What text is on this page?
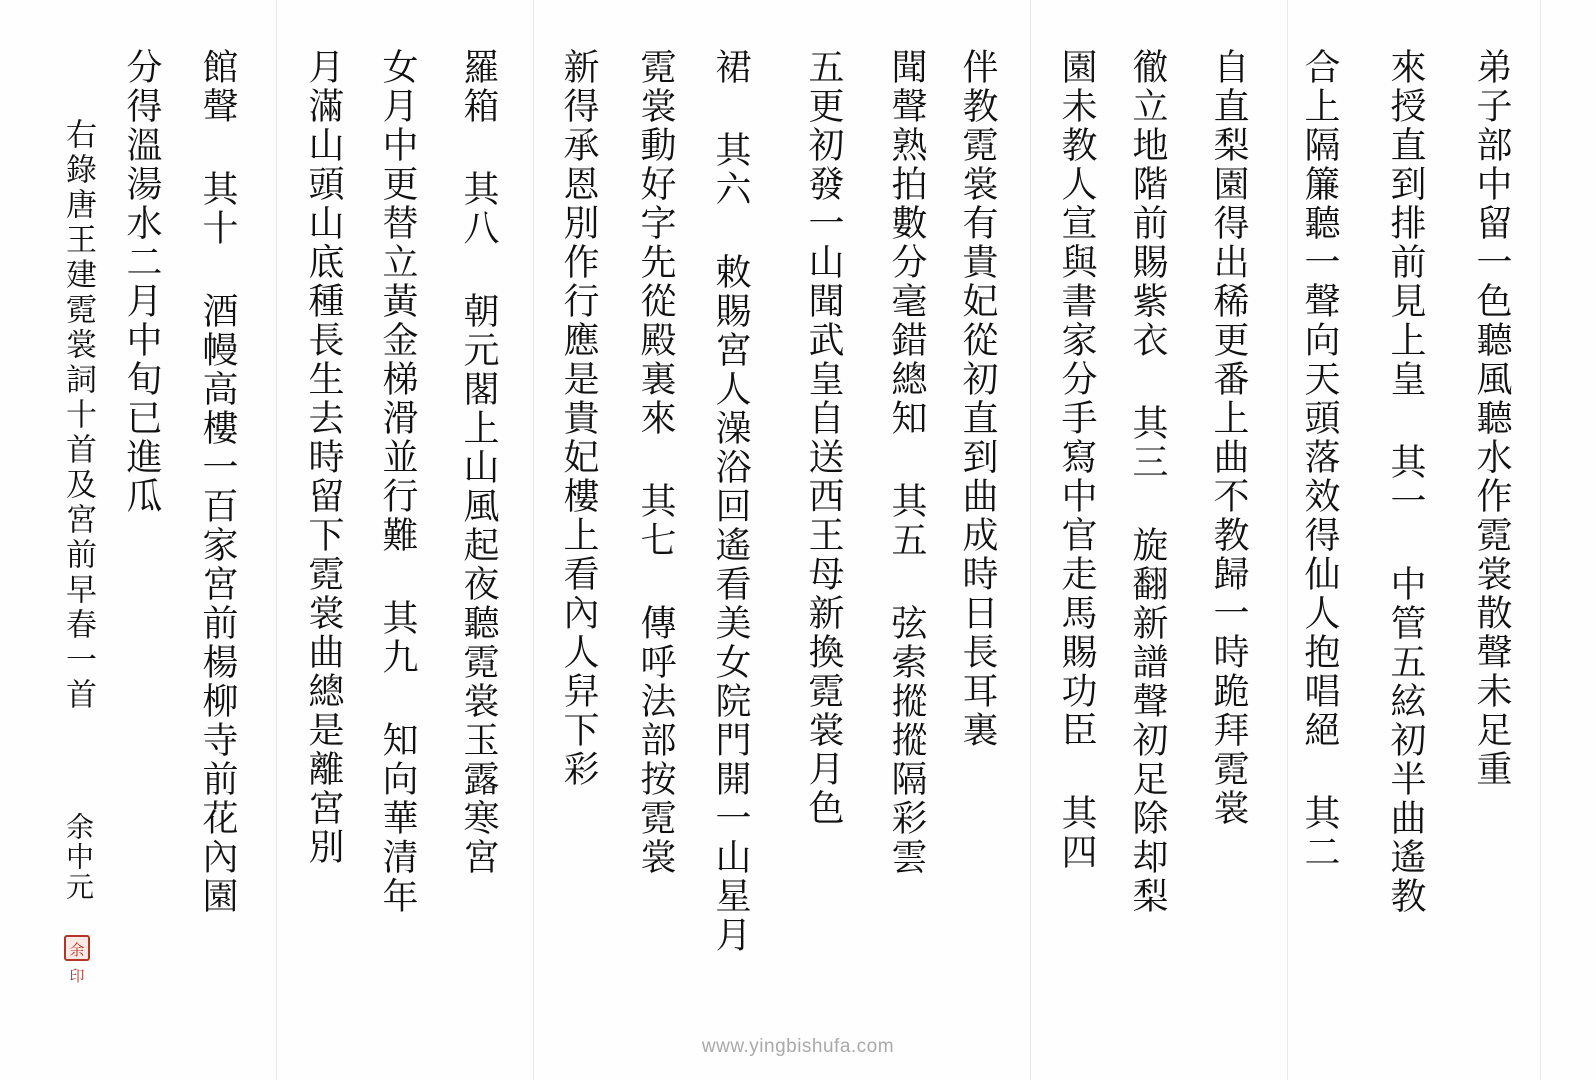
弟子部中留一色聽風聽水作霓裳散聲未足重
來授直到排前見上皇 其一 中管五絃初半曲遙教
合上隔簾聽一聲向天頭落效得仙人抱唱絕 其二
自直梨園得出稀更番上曲不教歸一時跪拜霓裳
徹立地階前賜紫衣 其三 旋翻新譜聲初足除却梨
園未教人宣與書家分手寫中官走馬賜功臣 其四
伴教霓裳有貴妃從初直到曲成時日長耳裏
聞聲熟拍數分毫錯總知 其五 弦索摐摐隔彩雲
五更初發一山聞武皇自送西王母新換霓裳月色
裙 其六 敕賜宮人澡浴回遙看美女院門開一山星月
霓裳動好字先從殿裏來 其七 傳呼法部按霓裳
新得承恩別作行應是貴妃樓上看內人舁下彩
羅箱 其八 朝元閣上山風起夜聽霓裳玉露寒宮
女月中更替立黃金梯滑並行難 其九 知向華清年
月滿山頭山底種長生去時留下霓裳曲總是離宮別
館聲 其十 酒幔高樓一百家宮前楊柳寺前花內園
分得溫湯水二月中旬已進瓜
右錄唐王建霓裳詞十首及宮前早春一首
余中元
余印
www.yingbishufa.com
